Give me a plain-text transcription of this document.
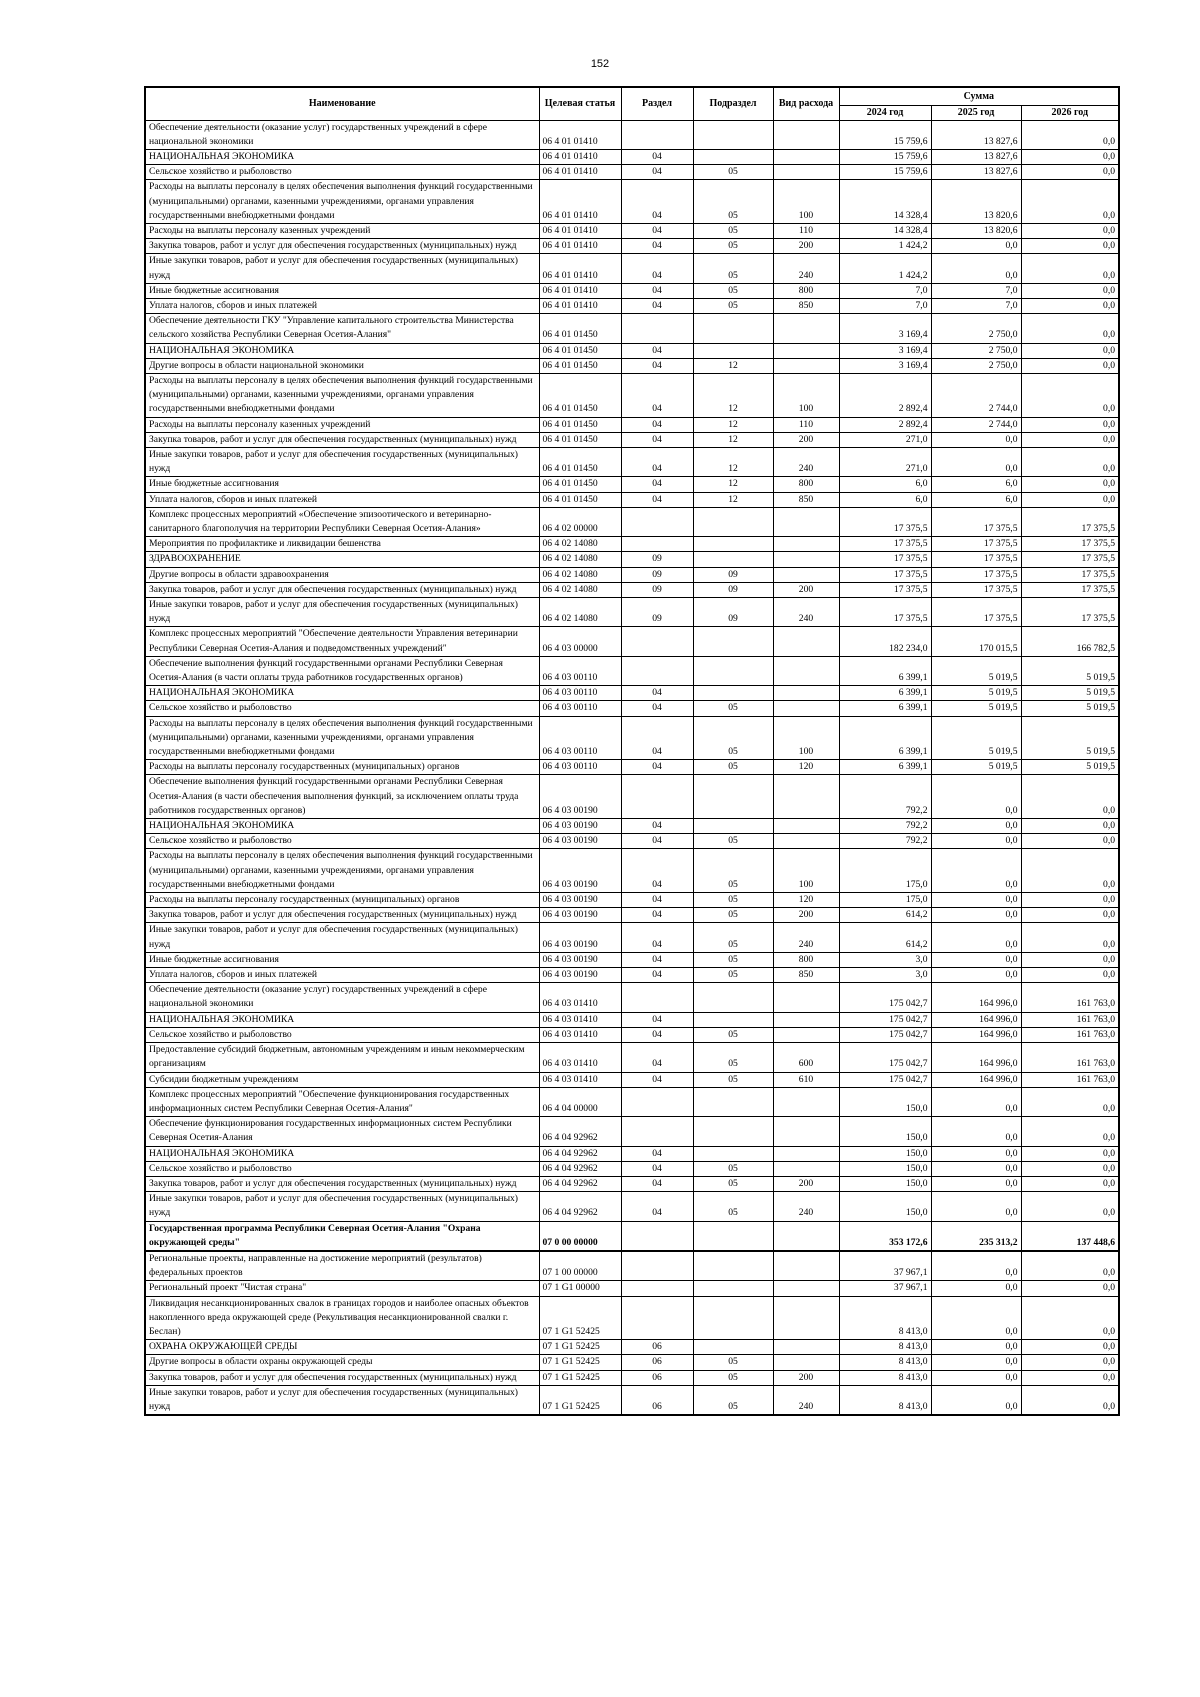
152
Наименование	Целевая статья	Раздел	Подраздел	Вид расхода	Сумма		
					2024 год	2025 год	2026 год
Обеспечение деятельности (оказание услуг) государственных учреждений в сфере национальной экономики	06 4 01 01410				15 759,6	13 827,6	0,0
НАЦИОНАЛЬНАЯ ЭКОНОМИКА	06 4 01 01410	04			15 759,6	13 827,6	0,0
Сельское хозяйство и рыболовство	06 4 01 01410	04	05		15 759,6	13 827,6	0,0
Расходы на выплаты персоналу в целях обеспечения выполнения функций государственными (муниципальными) органами, казенными учреждениями, органами управления государственными внебюджетными фондами	06 4 01 01410	04	05	100	14 328,4	13 820,6	0,0
Расходы на выплаты персоналу казенных учреждений	06 4 01 01410	04	05	110	14 328,4	13 820,6	0,0
Закупка товаров, работ и услуг для обеспечения государственных (муниципальных) нужд	06 4 01 01410	04	05	200	1 424,2	0,0	0,0
Иные закупки товаров, работ и услуг для обеспечения государственных (муниципальных) нужд	06 4 01 01410	04	05	240	1 424,2	0,0	0,0
Иные бюджетные ассигнования	06 4 01 01410	04	05	800	7,0	7,0	0,0
Уплата налогов, сборов и иных платежей	06 4 01 01410	04	05	850	7,0	7,0	0,0
Обеспечение деятельности ГКУ "Управление капитального строительства Министерства сельского хозяйства Республики Северная Осетия-Алания"	06 4 01 01450				3 169,4	2 750,0	0,0
НАЦИОНАЛЬНАЯ ЭКОНОМИКА	06 4 01 01450	04			3 169,4	2 750,0	0,0
Другие вопросы в области национальной экономики	06 4 01 01450	04	12		3 169,4	2 750,0	0,0
Расходы на выплаты персоналу в целях обеспечения выполнения функций государственными (муниципальными) органами, казенными учреждениями, органами управления государственными внебюджетными фондами	06 4 01 01450	04	12	100	2 892,4	2 744,0	0,0
Расходы на выплаты персоналу казенных учреждений	06 4 01 01450	04	12	110	2 892,4	2 744,0	0,0
Закупка товаров, работ и услуг для обеспечения государственных (муниципальных) нужд	06 4 01 01450	04	12	200	271,0	0,0	0,0
Иные закупки товаров, работ и услуг для обеспечения государственных (муниципальных) нужд	06 4 01 01450	04	12	240	271,0	0,0	0,0
Иные бюджетные ассигнования	06 4 01 01450	04	12	800	6,0	6,0	0,0
Уплата налогов, сборов и иных платежей	06 4 01 01450	04	12	850	6,0	6,0	0,0
Комплекс процессных мероприятий «Обеспечение эпизоотического и ветеринарно-санитарного благополучия на территории Республики Северная Осетия-Алания»	06 4 02 00000				17 375,5	17 375,5	17 375,5
Мероприятия по профилактике и ликвидации бешенства	06 4 02 14080				17 375,5	17 375,5	17 375,5
ЗДРАВООХРАНЕНИЕ	06 4 02 14080	09			17 375,5	17 375,5	17 375,5
Другие вопросы в области здравоохранения	06 4 02 14080	09	09		17 375,5	17 375,5	17 375,5
Закупка товаров, работ и услуг для обеспечения государственных (муниципальных) нужд	06 4 02 14080	09	09	200	17 375,5	17 375,5	17 375,5
Иные закупки товаров, работ и услуг для обеспечения государственных (муниципальных) нужд	06 4 02 14080	09	09	240	17 375,5	17 375,5	17 375,5
Комплекс процессных мероприятий "Обеспечение деятельности Управления ветеринарии Республики Северная Осетия-Алания и подведомственных учреждений"	06 4 03 00000				182 234,0	170 015,5	166 782,5
Обеспечение выполнения функций государственными органами Республики Северная Осетия-Алания (в части оплаты труда работников государственных органов)	06 4 03 00110				6 399,1	5 019,5	5 019,5
НАЦИОНАЛЬНАЯ ЭКОНОМИКА	06 4 03 00110	04			6 399,1	5 019,5	5 019,5
Сельское хозяйство и рыболовство	06 4 03 00110	04	05		6 399,1	5 019,5	5 019,5
Расходы на выплаты персоналу в целях обеспечения выполнения функций государственными (муниципальными) органами, казенными учреждениями, органами управления государственными внебюджетными фондами	06 4 03 00110	04	05	100	6 399,1	5 019,5	5 019,5
Расходы на выплаты персоналу государственных (муниципальных) органов	06 4 03 00110	04	05	120	6 399,1	5 019,5	5 019,5
Обеспечение выполнения функций государственными органами Республики Северная Осетия-Алания (в части обеспечения выполнения функций, за исключением оплаты труда работников государственных органов)	06 4 03 00190				792,2	0,0	0,0
НАЦИОНАЛЬНАЯ ЭКОНОМИКА	06 4 03 00190	04			792,2	0,0	0,0
Сельское хозяйство и рыболовство	06 4 03 00190	04	05		792,2	0,0	0,0
Расходы на выплаты персоналу в целях обеспечения выполнения функций государственными (муниципальными) органами, казенными учреждениями, органами управления государственными внебюджетными фондами	06 4 03 00190	04	05	100	175,0	0,0	0,0
Расходы на выплаты персоналу государственных (муниципальных) органов	06 4 03 00190	04	05	120	175,0	0,0	0,0
Закупка товаров, работ и услуг для обеспечения государственных (муниципальных) нужд	06 4 03 00190	04	05	200	614,2	0,0	0,0
Иные закупки товаров, работ и услуг для обеспечения государственных (муниципальных) нужд	06 4 03 00190	04	05	240	614,2	0,0	0,0
Иные бюджетные ассигнования	06 4 03 00190	04	05	800	3,0	0,0	0,0
Уплата налогов, сборов и иных платежей	06 4 03 00190	04	05	850	3,0	0,0	0,0
Обеспечение деятельности (оказание услуг) государственных учреждений в сфере национальной экономики	06 4 03 01410				175 042,7	164 996,0	161 763,0
НАЦИОНАЛЬНАЯ ЭКОНОМИКА	06 4 03 01410	04			175 042,7	164 996,0	161 763,0
Сельское хозяйство и рыболовство	06 4 03 01410	04	05		175 042,7	164 996,0	161 763,0
Предоставление субсидий бюджетным, автономным учреждениям и иным некоммерческим организациям	06 4 03 01410	04	05	600	175 042,7	164 996,0	161 763,0
Субсидии бюджетным учреждениям	06 4 03 01410	04	05	610	175 042,7	164 996,0	161 763,0
Комплекс процессных мероприятий "Обеспечение функционирования государственных информационных систем Республики Северная Осетия-Алания"	06 4 04 00000				150,0	0,0	0,0
Обеспечение функционирования государственных информационных систем Республики Северная Осетия-Алания	06 4 04 92962				150,0	0,0	0,0
НАЦИОНАЛЬНАЯ ЭКОНОМИКА	06 4 04 92962	04			150,0	0,0	0,0
Сельское хозяйство и рыболовство	06 4 04 92962	04	05		150,0	0,0	0,0
Закупка товаров, работ и услуг для обеспечения государственных (муниципальных) нужд	06 4 04 92962	04	05	200	150,0	0,0	0,0
Иные закупки товаров, работ и услуг для обеспечения государственных (муниципальных) нужд	06 4 04 92962	04	05	240	150,0	0,0	0,0
Государственная программа Республики Северная Осетия-Алания "Охрана окружающей среды"	07 0 00 00000				353 172,6	235 313,2	137 448,6
Региональные проекты, направленные на достижение мероприятий (результатов) федеральных проектов	07 1 00 00000				37 967,1	0,0	0,0
Региональный проект "Чистая страна"	07 1 G1 00000				37 967,1	0,0	0,0
Ликвидация несанкционированных свалок в границах городов и наиболее опасных объектов накопленного вреда окружающей среде (Рекультивация несанкционированной свалки г. Беслан)	07 1 G1 52425				8 413,0	0,0	0,0
ОХРАНА ОКРУЖАЮЩЕЙ СРЕДЫ	07 1 G1 52425	06			8 413,0	0,0	0,0
Другие вопросы в области охраны окружающей среды	07 1 G1 52425	06	05		8 413,0	0,0	0,0
Закупка товаров, работ и услуг для обеспечения государственных (муниципальных) нужд	07 1 G1 52425	06	05	200	8 413,0	0,0	0,0
Иные закупки товаров, работ и услуг для обеспечения государственных (муниципальных) нужд	07 1 G1 52425	06	05	240	8 413,0	0,0	0,0
